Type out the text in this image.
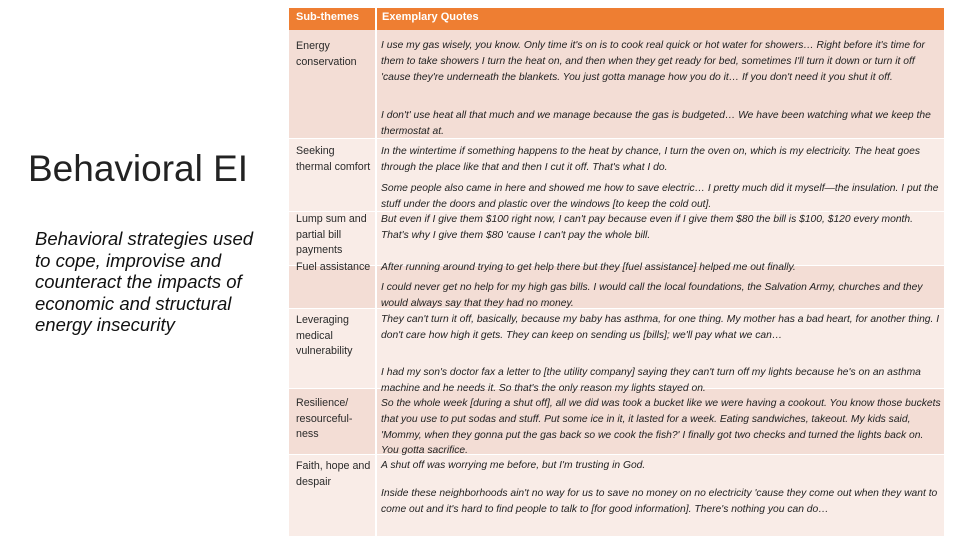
Behavioral EI
Behavioral strategies used to cope, improvise and counteract the impacts of economic and structural energy insecurity
Sub-themes Exemplary Quotes
Energy conservation
Seeking thermal comfort
Lump sum and partial bill payments
Fuel assistance
Leveraging medical vulnerability
Resilience/ resourceful-ness
Faith, hope and despair
I use my gas wisely, you know. Only time it's on is to cook real quick or hot water for showers… Right before it's time for them to take showers I turn the heat on, and then when they get ready for bed, sometimes I'll turn it down or turn it off 'cause they're underneath the blankets. You just gotta manage how you do it… If you don't need it you shut it off.
I don't' use heat all that much and we manage because the gas is budgeted… We have been watching what we keep the thermostat at.
In the wintertime if something happens to the heat by chance, I turn the oven on, which is my electricity. The heat goes through the place like that and then I cut it off. That's what I do.
Some people also came in here and showed me how to save electric… I pretty much did it myself—the insulation. I put the stuff under the doors and plastic over the windows [to keep the cold out].
But even if I give them $100 right now, I can't pay because even if I give them $80 the bill is $100, $120 every month. That's why I give them $80 'cause I can't pay the whole bill.
After running around trying to get help there but they [fuel assistance] helped me out finally.
I could never get no help for my high gas bills. I would call the local foundations, the Salvation Army, churches and they would always say that they had no money.
They can't turn it off, basically, because my baby has asthma, for one thing. My mother has a bad heart, for another thing. I don't care how high it gets. They can keep on sending us [bills]; we'll pay what we can…
I had my son's doctor fax a letter to [the utility company] saying they can't turn off my lights because he's on an asthma machine and he needs it. So that's the only reason my lights stayed on.
So the whole week [during a shut off], all we did was took a bucket like we were having a cookout. You know those buckets that you use to put sodas and stuff. Put some ice in it, it lasted for a week. Eating sandwiches, takeout. My kids said, 'Mommy, when they gonna put the gas back so we cook the fish?' I finally got two checks and turned the lights back on. You gotta sacrifice.
A shut off was worrying me before, but I'm trusting in God.
Inside these neighborhoods ain't no way for us to save no money on no electricity 'cause they come out when they want to come out and it's hard to find people to talk to [for good information]. There's nothing you can do…
